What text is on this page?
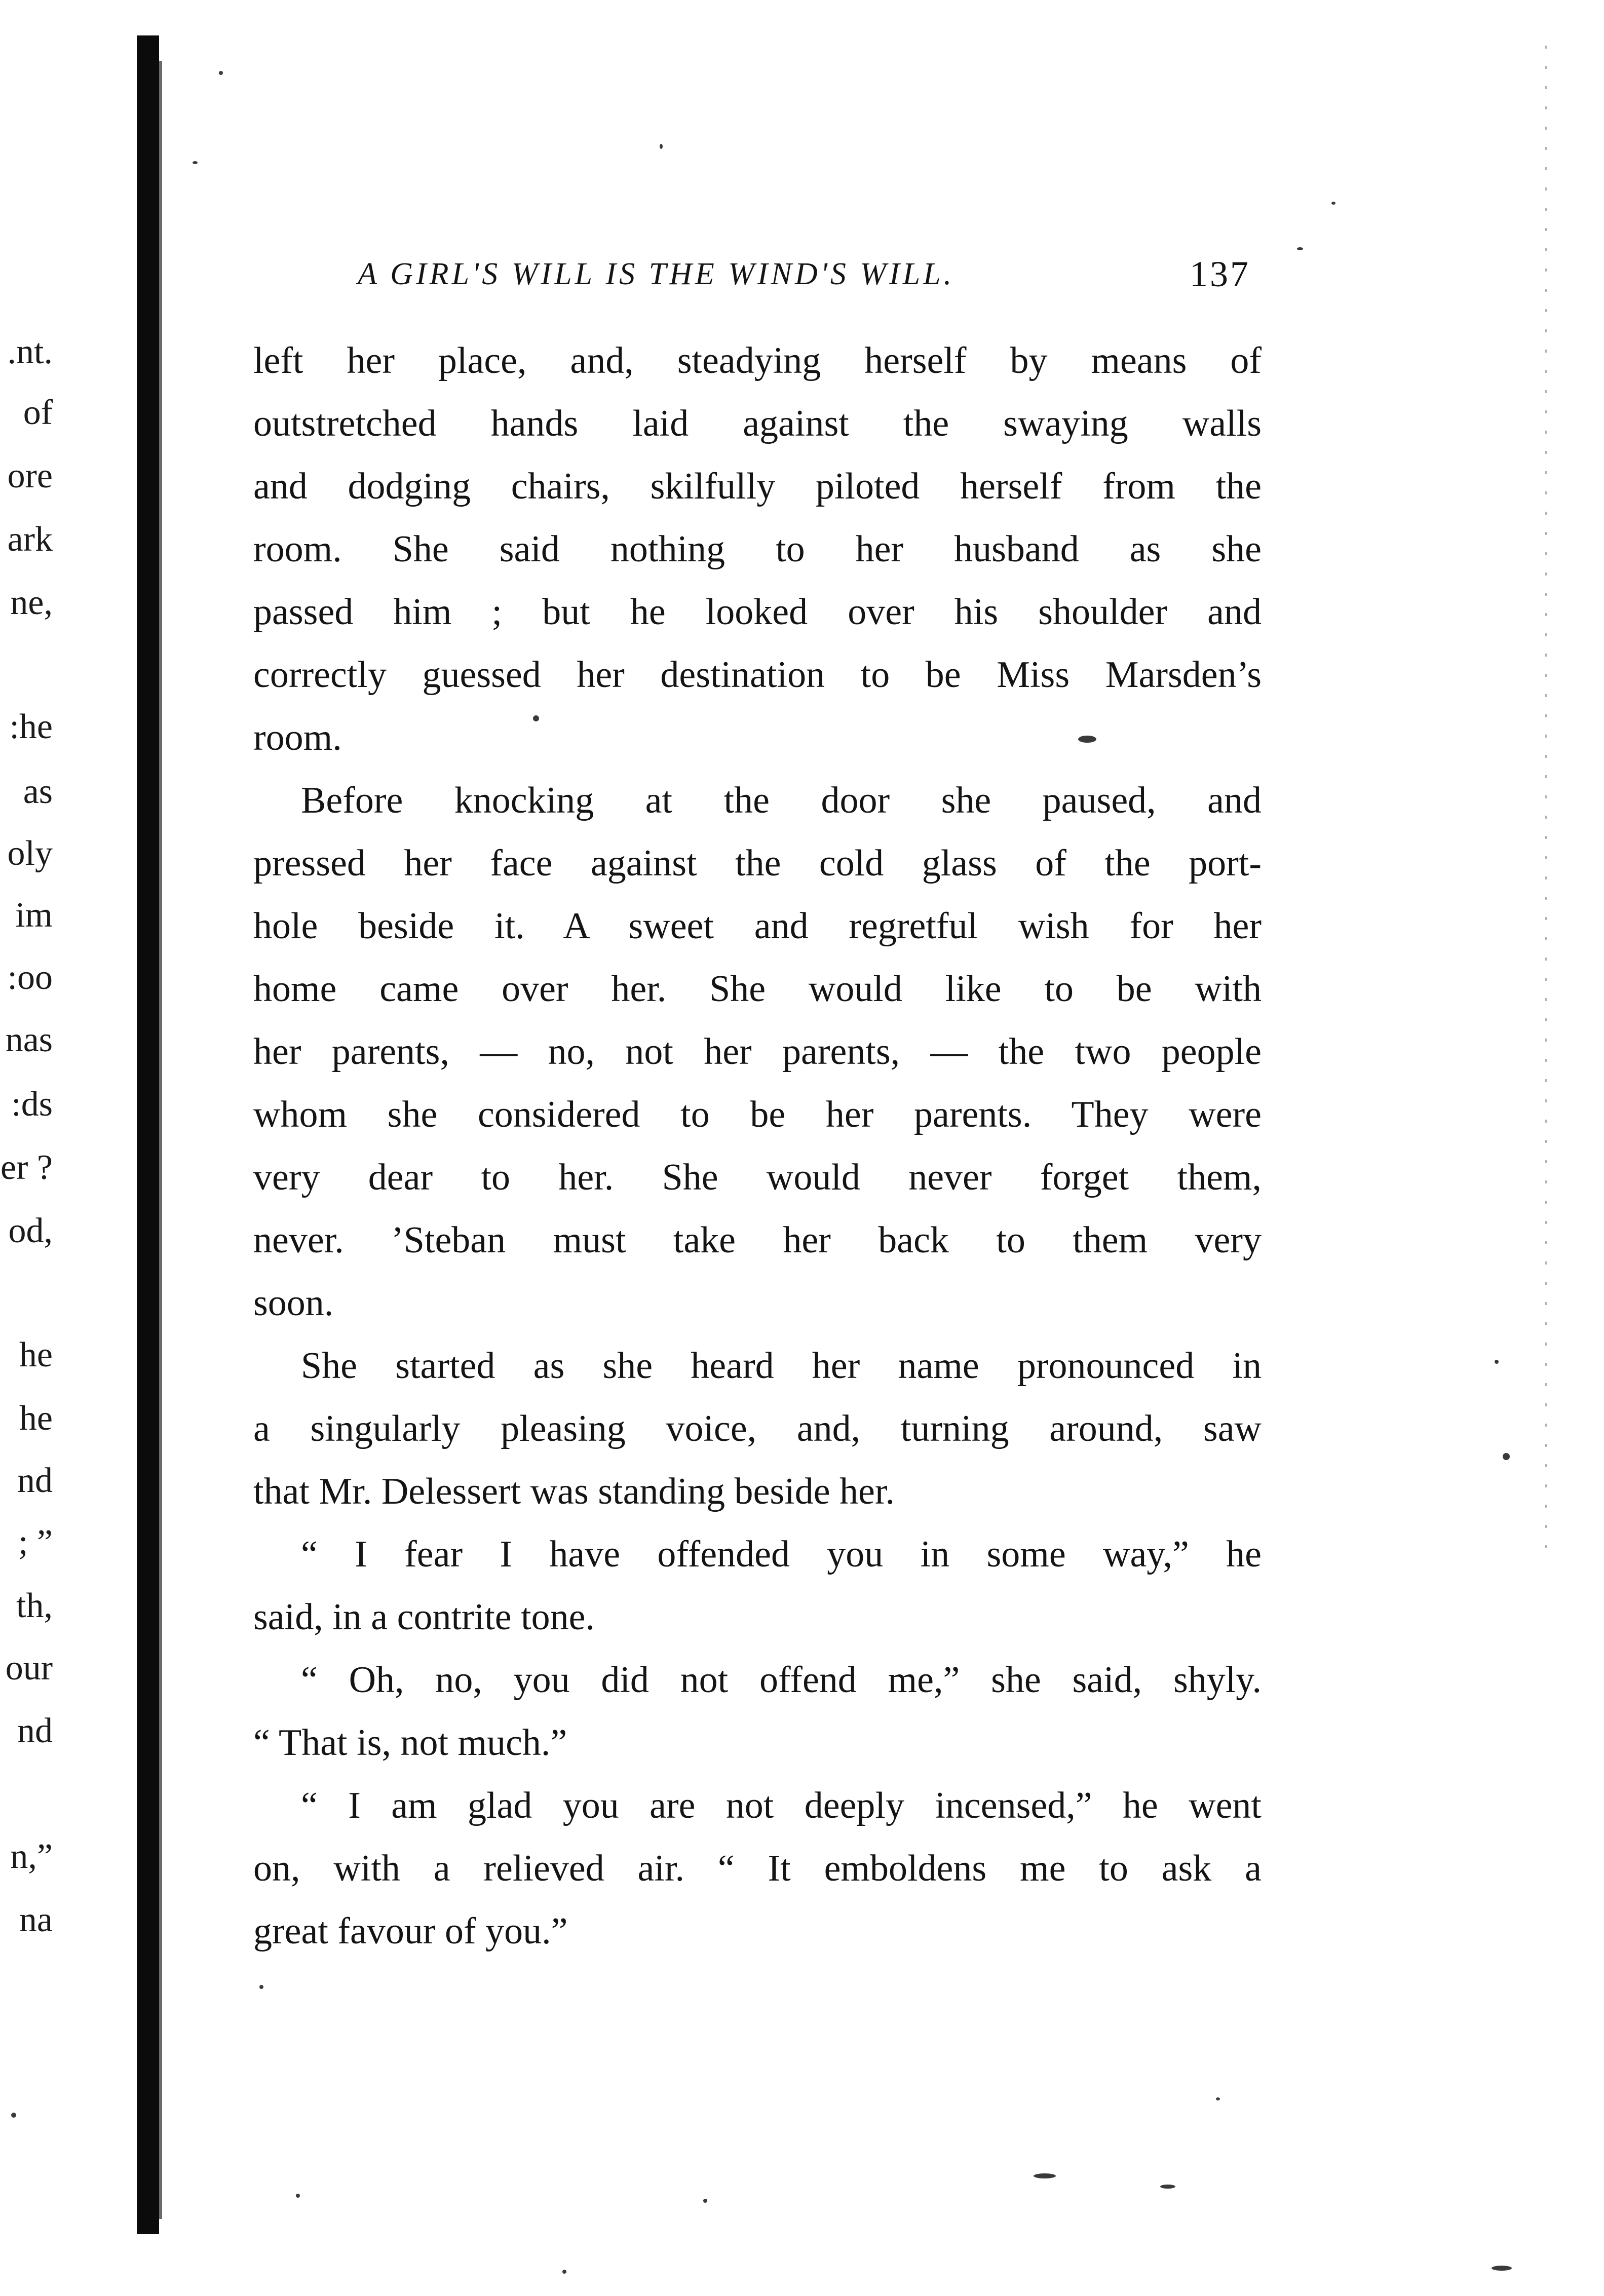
.nt.
of
ore
ark
ne,
:he
as
oly
im
:oo
nas
:ds
er ?
od,
he
he
nd
; ”
th,
our
nd
n,”
na
A GIRL'S WILL IS THE WIND'S WILL.	137
left her place, and, steadying herself by means of
outstretched hands laid against the swaying walls
and dodging chairs, skilfully piloted herself from the
room. She said nothing to her husband as she
passed him ; but he looked over his shoulder and
correctly guessed her destination to be Miss Marsden’s
room.
Before knocking at the door she paused, and
pressed her face against the cold glass of the port-
hole beside it. A sweet and regretful wish for her
home came over her. She would like to be with
her parents, — no, not her parents, — the two people
whom she considered to be her parents. They were
very dear to her. She would never forget them,
never. ’Steban must take her back to them very
soon.
She started as she heard her name pronounced in
a singularly pleasing voice, and, turning around, saw
that Mr. Delessert was standing beside her.
“ I fear I have offended you in some way,” he
said, in a contrite tone.
“ Oh, no, you did not offend me,” she said, shyly.
“ That is, not much.”
“ I am glad you are not deeply incensed,” he went
on, with a relieved air. “ It emboldens me to ask a
great favour of you.”
